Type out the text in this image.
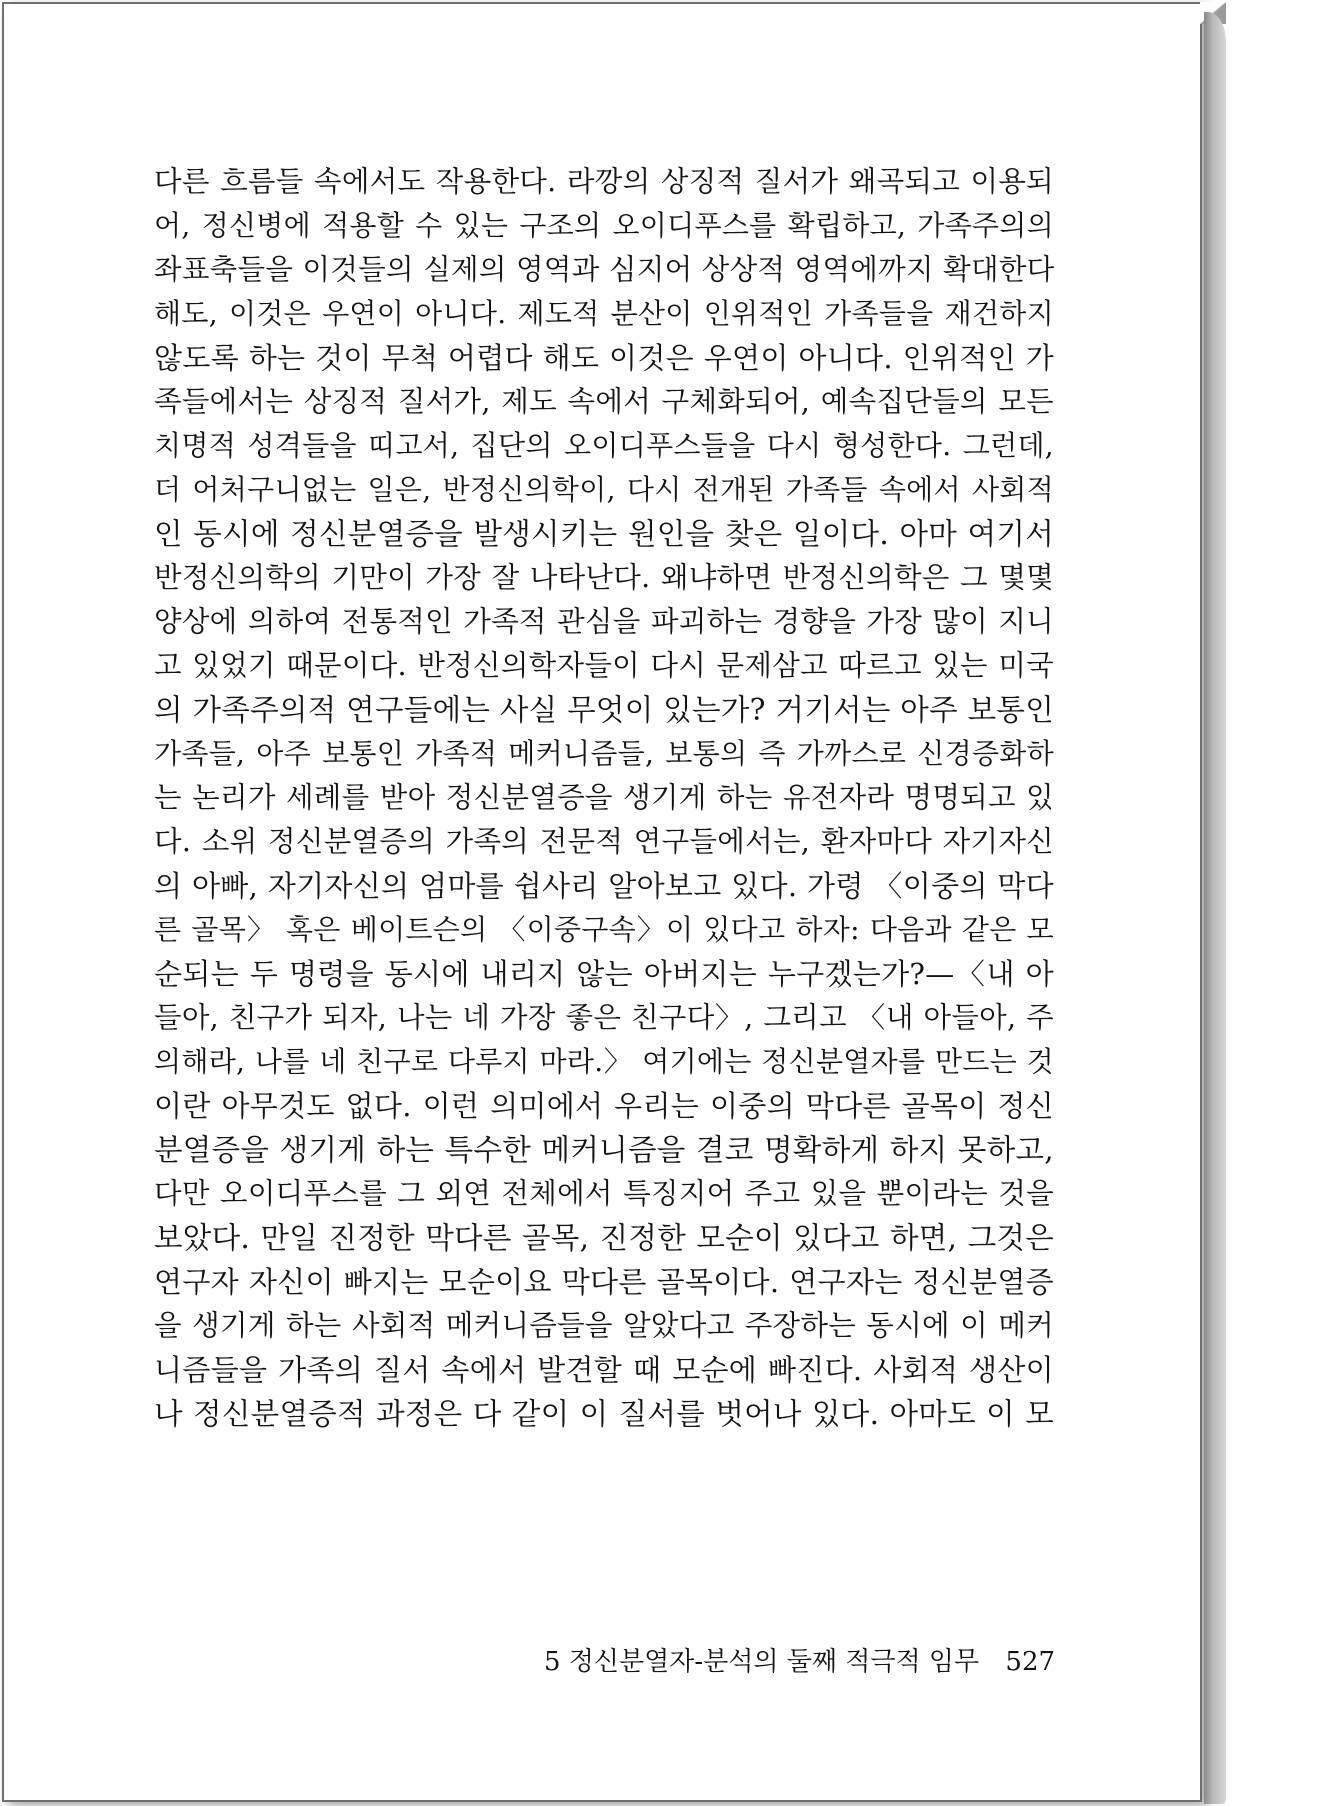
다른 흐름들 속에서도 작용한다. 라깡의 상징적 질서가 왜곡되고 이용되
어, 정신병에 적용할 수 있는 구조의 오이디푸스를 확립하고, 가족주의의
좌표축들을 이것들의 실제의 영역과 심지어 상상적 영역에까지 확대한다
해도, 이것은 우연이 아니다. 제도적 분산이 인위적인 가족들을 재건하지
않도록 하는 것이 무척 어렵다 해도 이것은 우연이 아니다. 인위적인 가
족들에서는 상징적 질서가, 제도 속에서 구체화되어, 예속집단들의 모든
치명적 성격들을 띠고서, 집단의 오이디푸스들을 다시 형성한다. 그런데,
더 어처구니없는 일은, 반정신의학이, 다시 전개된 가족들 속에서 사회적
인 동시에 정신분열증을 발생시키는 원인을 찾은 일이다. 아마 여기서
반정신의학의 기만이 가장 잘 나타난다. 왜냐하면 반정신의학은 그 몇몇
양상에 의하여 전통적인 가족적 관심을 파괴하는 경향을 가장 많이 지니
고 있었기 때문이다. 반정신의학자들이 다시 문제삼고 따르고 있는 미국
의 가족주의적 연구들에는 사실 무엇이 있는가? 거기서는 아주 보통인
가족들, 아주 보통인 가족적 메커니즘들, 보통의 즉 가까스로 신경증화하
는 논리가 세례를 받아 정신분열증을 생기게 하는 유전자라 명명되고 있
다. 소위 정신분열증의 가족의 전문적 연구들에서는, 환자마다 자기자신
의 아빠, 자기자신의 엄마를 쉽사리 알아보고 있다. 가령 〈이중의 막다
른 골목〉 혹은 베이트슨의 〈이중구속〉이 있다고 하자: 다음과 같은 모
순되는 두 명령을 동시에 내리지 않는 아버지는 누구겠는가?—〈내 아
들아, 친구가 되자, 나는 네 가장 좋은 친구다〉, 그리고 〈내 아들아, 주
의해라, 나를 네 친구로 다루지 마라.〉 여기에는 정신분열자를 만드는 것
이란 아무것도 없다. 이런 의미에서 우리는 이중의 막다른 골목이 정신
분열증을 생기게 하는 특수한 메커니즘을 결코 명확하게 하지 못하고,
다만 오이디푸스를 그 외연 전체에서 특징지어 주고 있을 뿐이라는 것을
보았다. 만일 진정한 막다른 골목, 진정한 모순이 있다고 하면, 그것은
연구자 자신이 빠지는 모순이요 막다른 골목이다. 연구자는 정신분열증
을 생기게 하는 사회적 메커니즘들을 알았다고 주장하는 동시에 이 메커
니즘들을 가족의 질서 속에서 발견할 때 모순에 빠진다. 사회적 생산이
나 정신분열증적 과정은 다 같이 이 질서를 벗어나 있다. 아마도 이 모
5 정신분열자-분석의 둘째 적극적 임무 527
